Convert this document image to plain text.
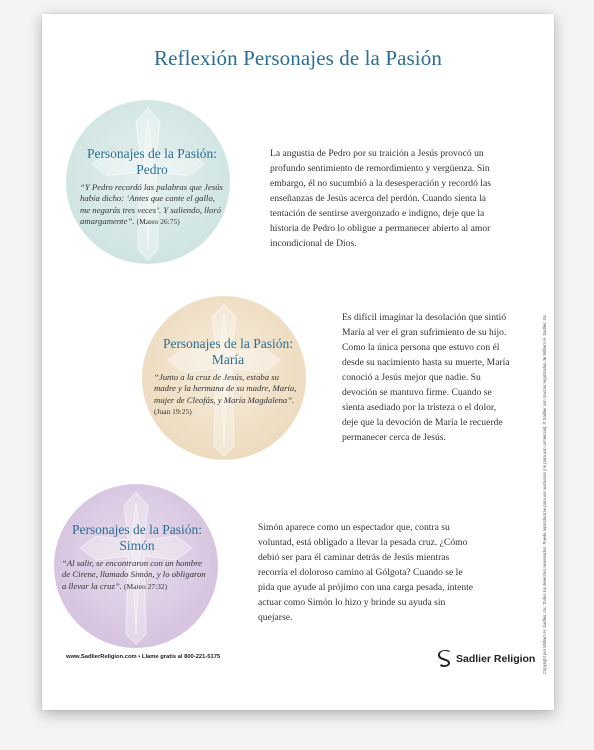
Reflexión Personajes de la Pasión
Personajes de la Pasión:
Pedro
“Y Pedro recordó las palabras que Jesús había dicho: ‘Antes que cante el gallo, me negarás tres veces’. Y saliendo, lloró amargamente”. (Mateo 26:75)
La angustia de Pedro por su traición a Jesús provocó un profundo sentimiento de remordimiento y vergüenza. Sin embargo, él no sucumbió a la desesperación y recordó las enseñanzas de Jesús acerca del perdón. Cuando sienta la tentación de sentirse avergonzado e indigno, deje que la historia de Pedro lo obligue a permanecer abierto al amor incondicional de Dios.
Personajes de la Pasión:
María
“Junto a la cruz de Jesús, estaba su madre y la hermana de su madre, María, mujer de Cleofás, y María Magdalena”. (Juan 19:25)
Es difícil imaginar la desolación que sintió María al ver el gran sufrimiento de su hijo. Como la única persona que estuvo con él desde su nacimiento hasta su muerte, María conoció a Jesús mejor que nadie. Su devoción se mantuvo firme. Cuando se sienta asediado por la tristeza o el dolor, deje que la devoción de María le recuerde permanecer cerca de Jesús.
Personajes de la Pasión:
Simón
“Al salir, se encontraron con un hombre de Cirene, llamado Simón, y lo obligaron a llevar la cruz”. (Mateo 27:32)
Simón aparece como un espectador que, contra su voluntad, está obligado a llevar la pesada cruz. ¿Cómo debió ser para él caminar detrás de Jesús mientras recorría el doloroso camino al Gólgota? Cuando se le pida que ayude al prójimo con una carga pesada, intente actuar como Simón lo hizo y brinde su ayuda sin quejarse.
www.SadlierReligion.com • Llame gratis al 800-221-5175	Sadlier Religion Copyright por William H. Sadlier, Inc. Todos los derechos reservados. Puede reproducirse para uso exclusivo (no para uso comercial). ® Sadlier son marcas registradas de William H. Sadlier, Inc.
